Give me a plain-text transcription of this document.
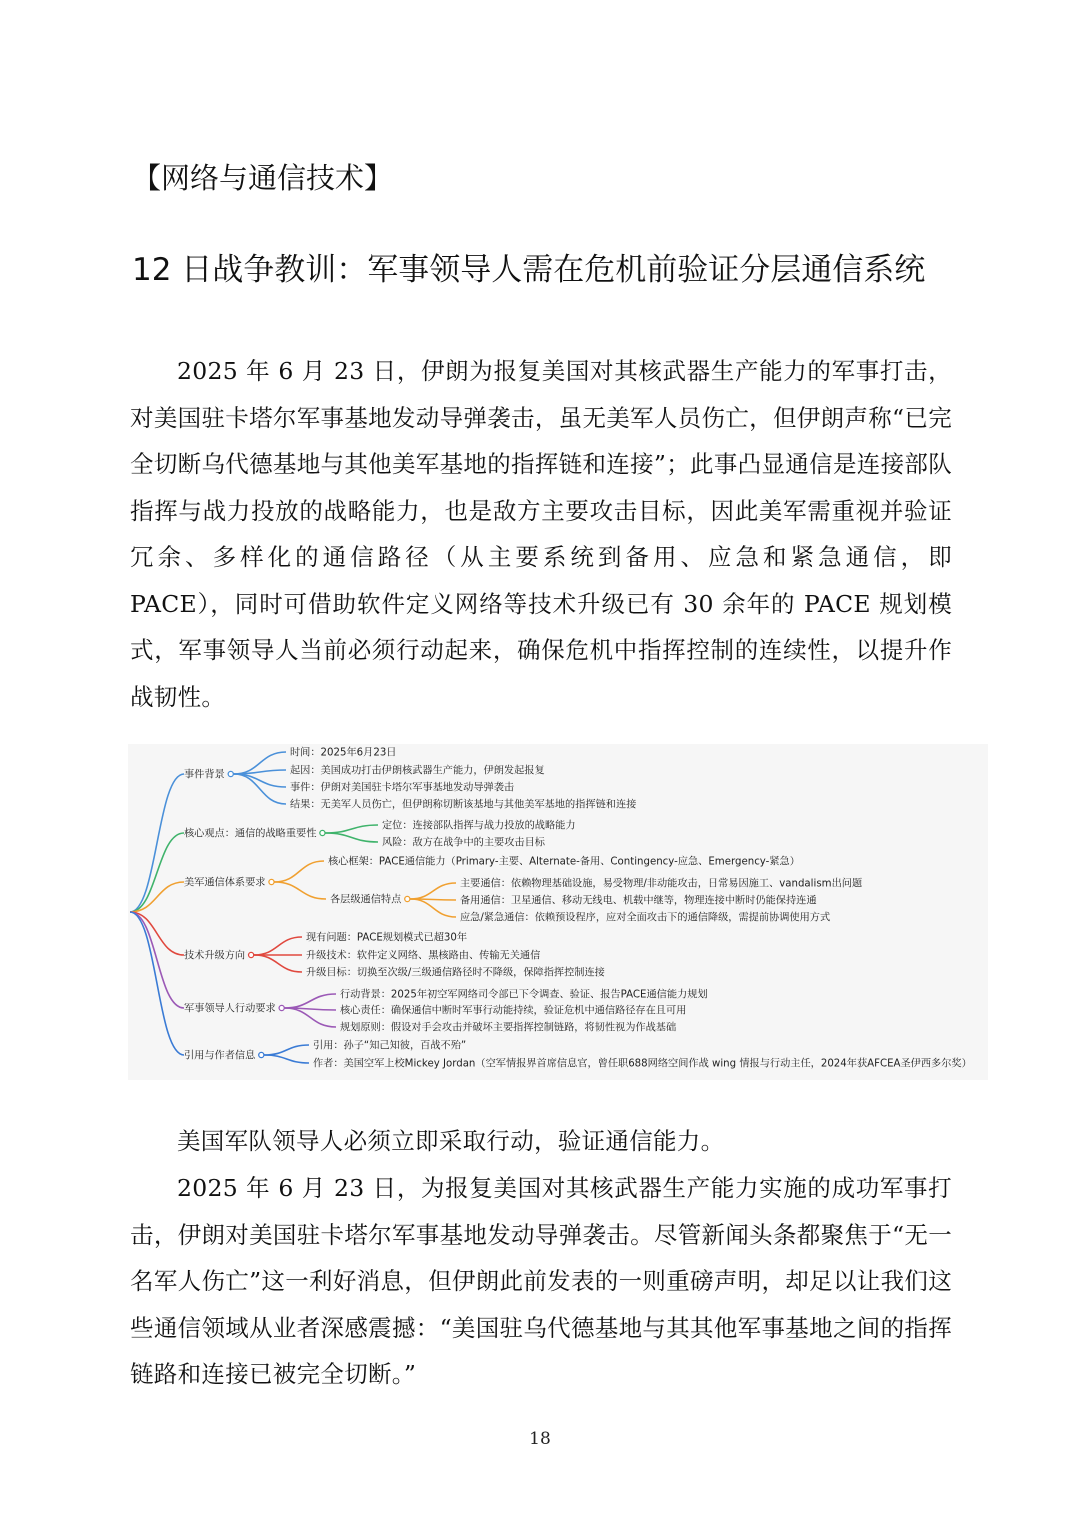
【网络与通信技术】
12 日战争教训：军事领导人需在危机前验证分层通信系统

2025 年 6 月 23 日，伊朗为报复美国对其核武器生产能力的军事打击，对美国驻卡塔尔军事基地发动导弹袭击，虽无美军人员伤亡，但伊朗声称“已完全切断乌代德基地与其他美军基地的指挥链和连接”；此事凸显通信是连接部队指挥与战力投放的战略能力，也是敌方主要攻击目标，因此美军需重视并验证冗余、多样化的通信路径（从主要系统到备用、应急和紧急通信，即 PACE），同时可借助软件定义网络等技术升级已有 30 余年的 PACE 规划模式，军事领导人当前必须行动起来，确保危机中指挥控制的连续性，以提升作战韧性。

事件背景
时间：2025年6月23日
起因：美国成功打击伊朗核武器生产能力，伊朗发起报复
事件：伊朗对美国驻卡塔尔军事基地发动导弹袭击
结果：无美军人员伤亡，但伊朗称切断该基地与其他美军基地的指挥链和连接
核心观点：通信的战略重要性
定位：连接部队指挥与战力投放的战略能力
风险：敌方在战争中的主要攻击目标
美军通信体系要求
核心框架：PACE通信能力（Primary-主要、Alternate-备用、Contingency-应急、Emergency-紧急）
各层级通信特点
主要通信：依赖物理基础设施，易受物理/非动能攻击，日常易因施工、vandalism出问题
备用通信：卫星通信、移动无线电、机载中继等，物理连接中断时仍能保持连通
应急/紧急通信：依赖预设程序，应对全面攻击下的通信降级，需提前协调使用方式
技术升级方向
现有问题：PACE规划模式已超30年
升级技术：软件定义网络、黑核路由、传输无关通信
升级目标：切换至次级/三级通信路径时不降级，保障指挥控制连接
军事领导人行动要求
行动背景：2025年初空军网络司令部已下令调查、验证、报告PACE通信能力规划
核心责任：确保通信中断时军事行动能持续，验证危机中通信路径存在且可用
规划原则：假设对手会攻击并破坏主要指挥控制链路，将韧性视为作战基础
引用与作者信息
引用：孙子“知己知彼，百战不殆”
作者：美国空军上校Mickey Jordan（空军情报界首席信息官，曾任职688网络空间作战 wing 情报与行动主任，2024年获AFCEA圣伊西多尔奖）

美国军队领导人必须立即采取行动，验证通信能力。

2025 年 6 月 23 日，为报复美国对其核武器生产能力实施的成功军事打击，伊朗对美国驻卡塔尔军事基地发动导弹袭击。尽管新闻头条都聚焦于“无一名军人伤亡”这一利好消息，但伊朗此前发表的一则重磅声明，却足以让我们这些通信领域从业者深感震撼：“美国驻乌代德基地与其其他军事基地之间的指挥链路和连接已被完全切断。”

18
